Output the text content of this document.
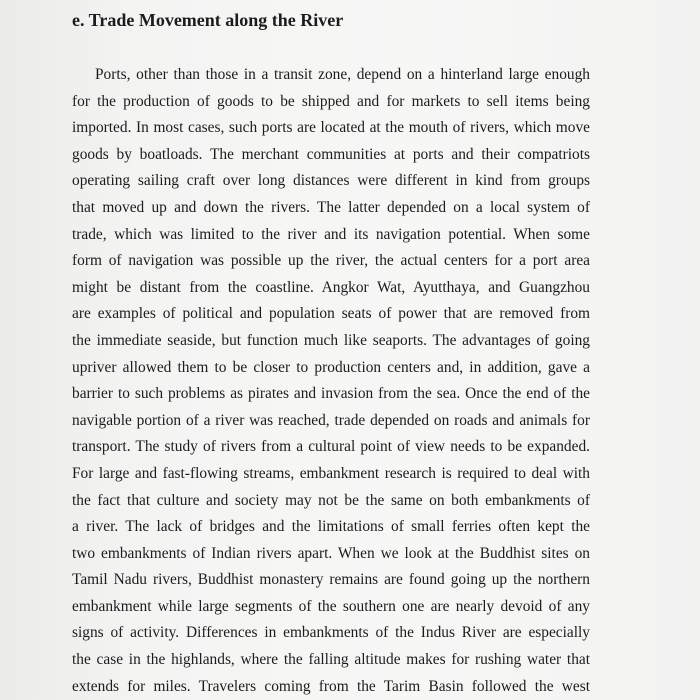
e. Trade Movement along the River
Ports, other than those in a transit zone, depend on a hinterland large enough
for the production of goods to be shipped and for markets to sell items being
imported. In most cases, such ports are located at the mouth of rivers, which move
goods by boatloads. The merchant communities at ports and their compatriots
operating sailing craft over long distances were different in kind from groups
that moved up and down the rivers. The latter depended on a local system of
trade, which was limited to the river and its navigation potential. When some
form of navigation was possible up the river, the actual centers for a port area
might be distant from the coastline. Angkor Wat, Ayutthaya, and Guangzhou
are examples of political and population seats of power that are removed from
the immediate seaside, but function much like seaports. The advantages of going
upriver allowed them to be closer to production centers and, in addition, gave a
barrier to such problems as pirates and invasion from the sea. Once the end of the
navigable portion of a river was reached, trade depended on roads and animals for
transport. The study of rivers from a cultural point of view needs to be expanded.
For large and fast-flowing streams, embankment research is required to deal with
the fact that culture and society may not be the same on both embankments of
a river. The lack of bridges and the limitations of small ferries often kept the
two embankments of Indian rivers apart. When we look at the Buddhist sites on
Tamil Nadu rivers, Buddhist monastery remains are found going up the northern
embankment while large segments of the southern one are nearly devoid of any
signs of activity. Differences in embankments of the Indus River are especially
the case in the highlands, where the falling altitude makes for rushing water that
extends for miles. Travelers coming from the Tarim Basin followed the west
